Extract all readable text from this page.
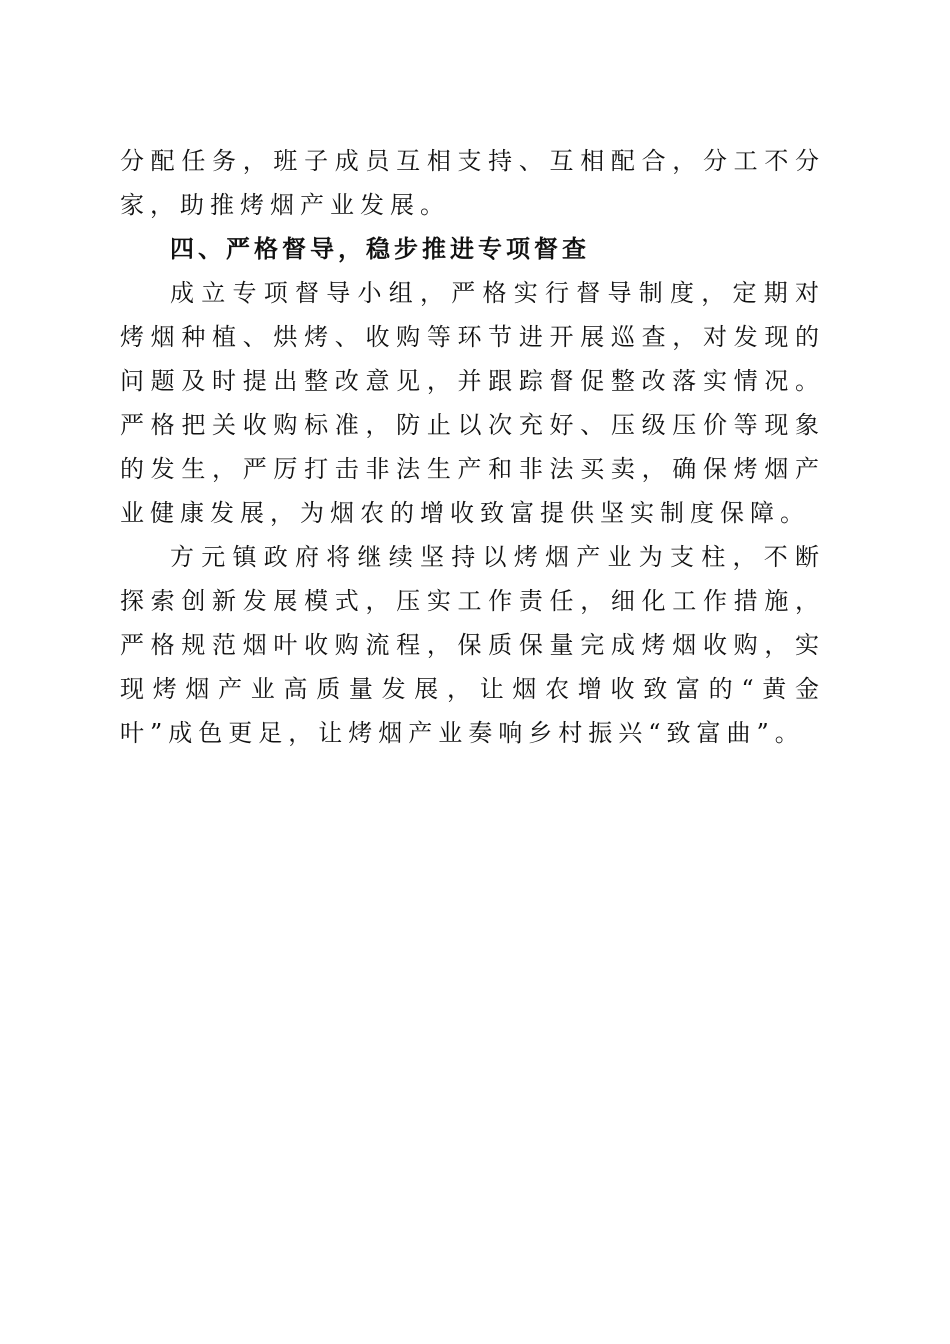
分配任务，班子成员互相支持、互相配合，分工不分家，助推烤烟产业发展。

四、严格督导，稳步推进专项督查

成立专项督导小组，严格实行督导制度，定期对烤烟种植、烘烤、收购等环节进开展巡查，对发现的问题及时提出整改意见，并跟踪督促整改落实情况。严格把关收购标准，防止以次充好、压级压价等现象的发生，严厉打击非法生产和非法买卖，确保烤烟产业健康发展，为烟农的增收致富提供坚实制度保障。

方元镇政府将继续坚持以烤烟产业为支柱，不断探索创新发展模式，压实工作责任，细化工作措施，严格规范烟叶收购流程，保质保量完成烤烟收购，实现烤烟产业高质量发展，让烟农增收致富的“黄金叶”成色更足，让烤烟产业奏响乡村振兴“致富曲”。
